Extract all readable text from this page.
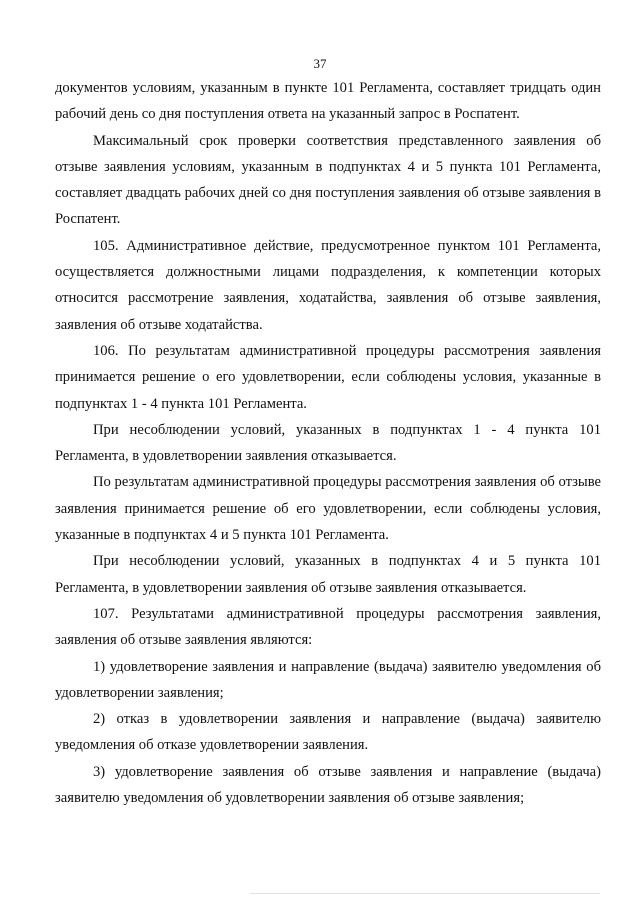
37

документов условиям, указанным в пункте 101 Регламента, составляет тридцать один рабочий день со дня поступления ответа на указанный запрос в Роспатент.

Максимальный срок проверки соответствия представленного заявления об отзыве заявления условиям, указанным в подпунктах 4 и 5 пункта 101 Регламента, составляет двадцать рабочих дней со дня поступления заявления об отзыве заявления в Роспатент.

105. Административное действие, предусмотренное пунктом 101 Регламента, осуществляется должностными лицами подразделения, к компетенции которых относится рассмотрение заявления, ходатайства, заявления об отзыве заявления, заявления об отзыве ходатайства.

106. По результатам административной процедуры рассмотрения заявления принимается решение о его удовлетворении, если соблюдены условия, указанные в подпунктах 1 - 4 пункта 101 Регламента.

При несоблюдении условий, указанных в подпунктах 1 - 4 пункта 101 Регламента, в удовлетворении заявления отказывается.

По результатам административной процедуры рассмотрения заявления об отзыве заявления принимается решение об его удовлетворении, если соблюдены условия, указанные в подпунктах 4 и 5 пункта 101 Регламента.

При несоблюдении условий, указанных в подпунктах 4 и 5 пункта 101 Регламента, в удовлетворении заявления об отзыве заявления отказывается.

107. Результатами административной процедуры рассмотрения заявления, заявления об отзыве заявления являются:

1) удовлетворение заявления и направление (выдача) заявителю уведомления об удовлетворении заявления;

2) отказ в удовлетворении заявления и направление (выдача) заявителю уведомления об отказе удовлетворении заявления.

3) удовлетворение заявления об отзыве заявления и направление (выдача) заявителю уведомления об удовлетворении заявления об отзыве заявления;
